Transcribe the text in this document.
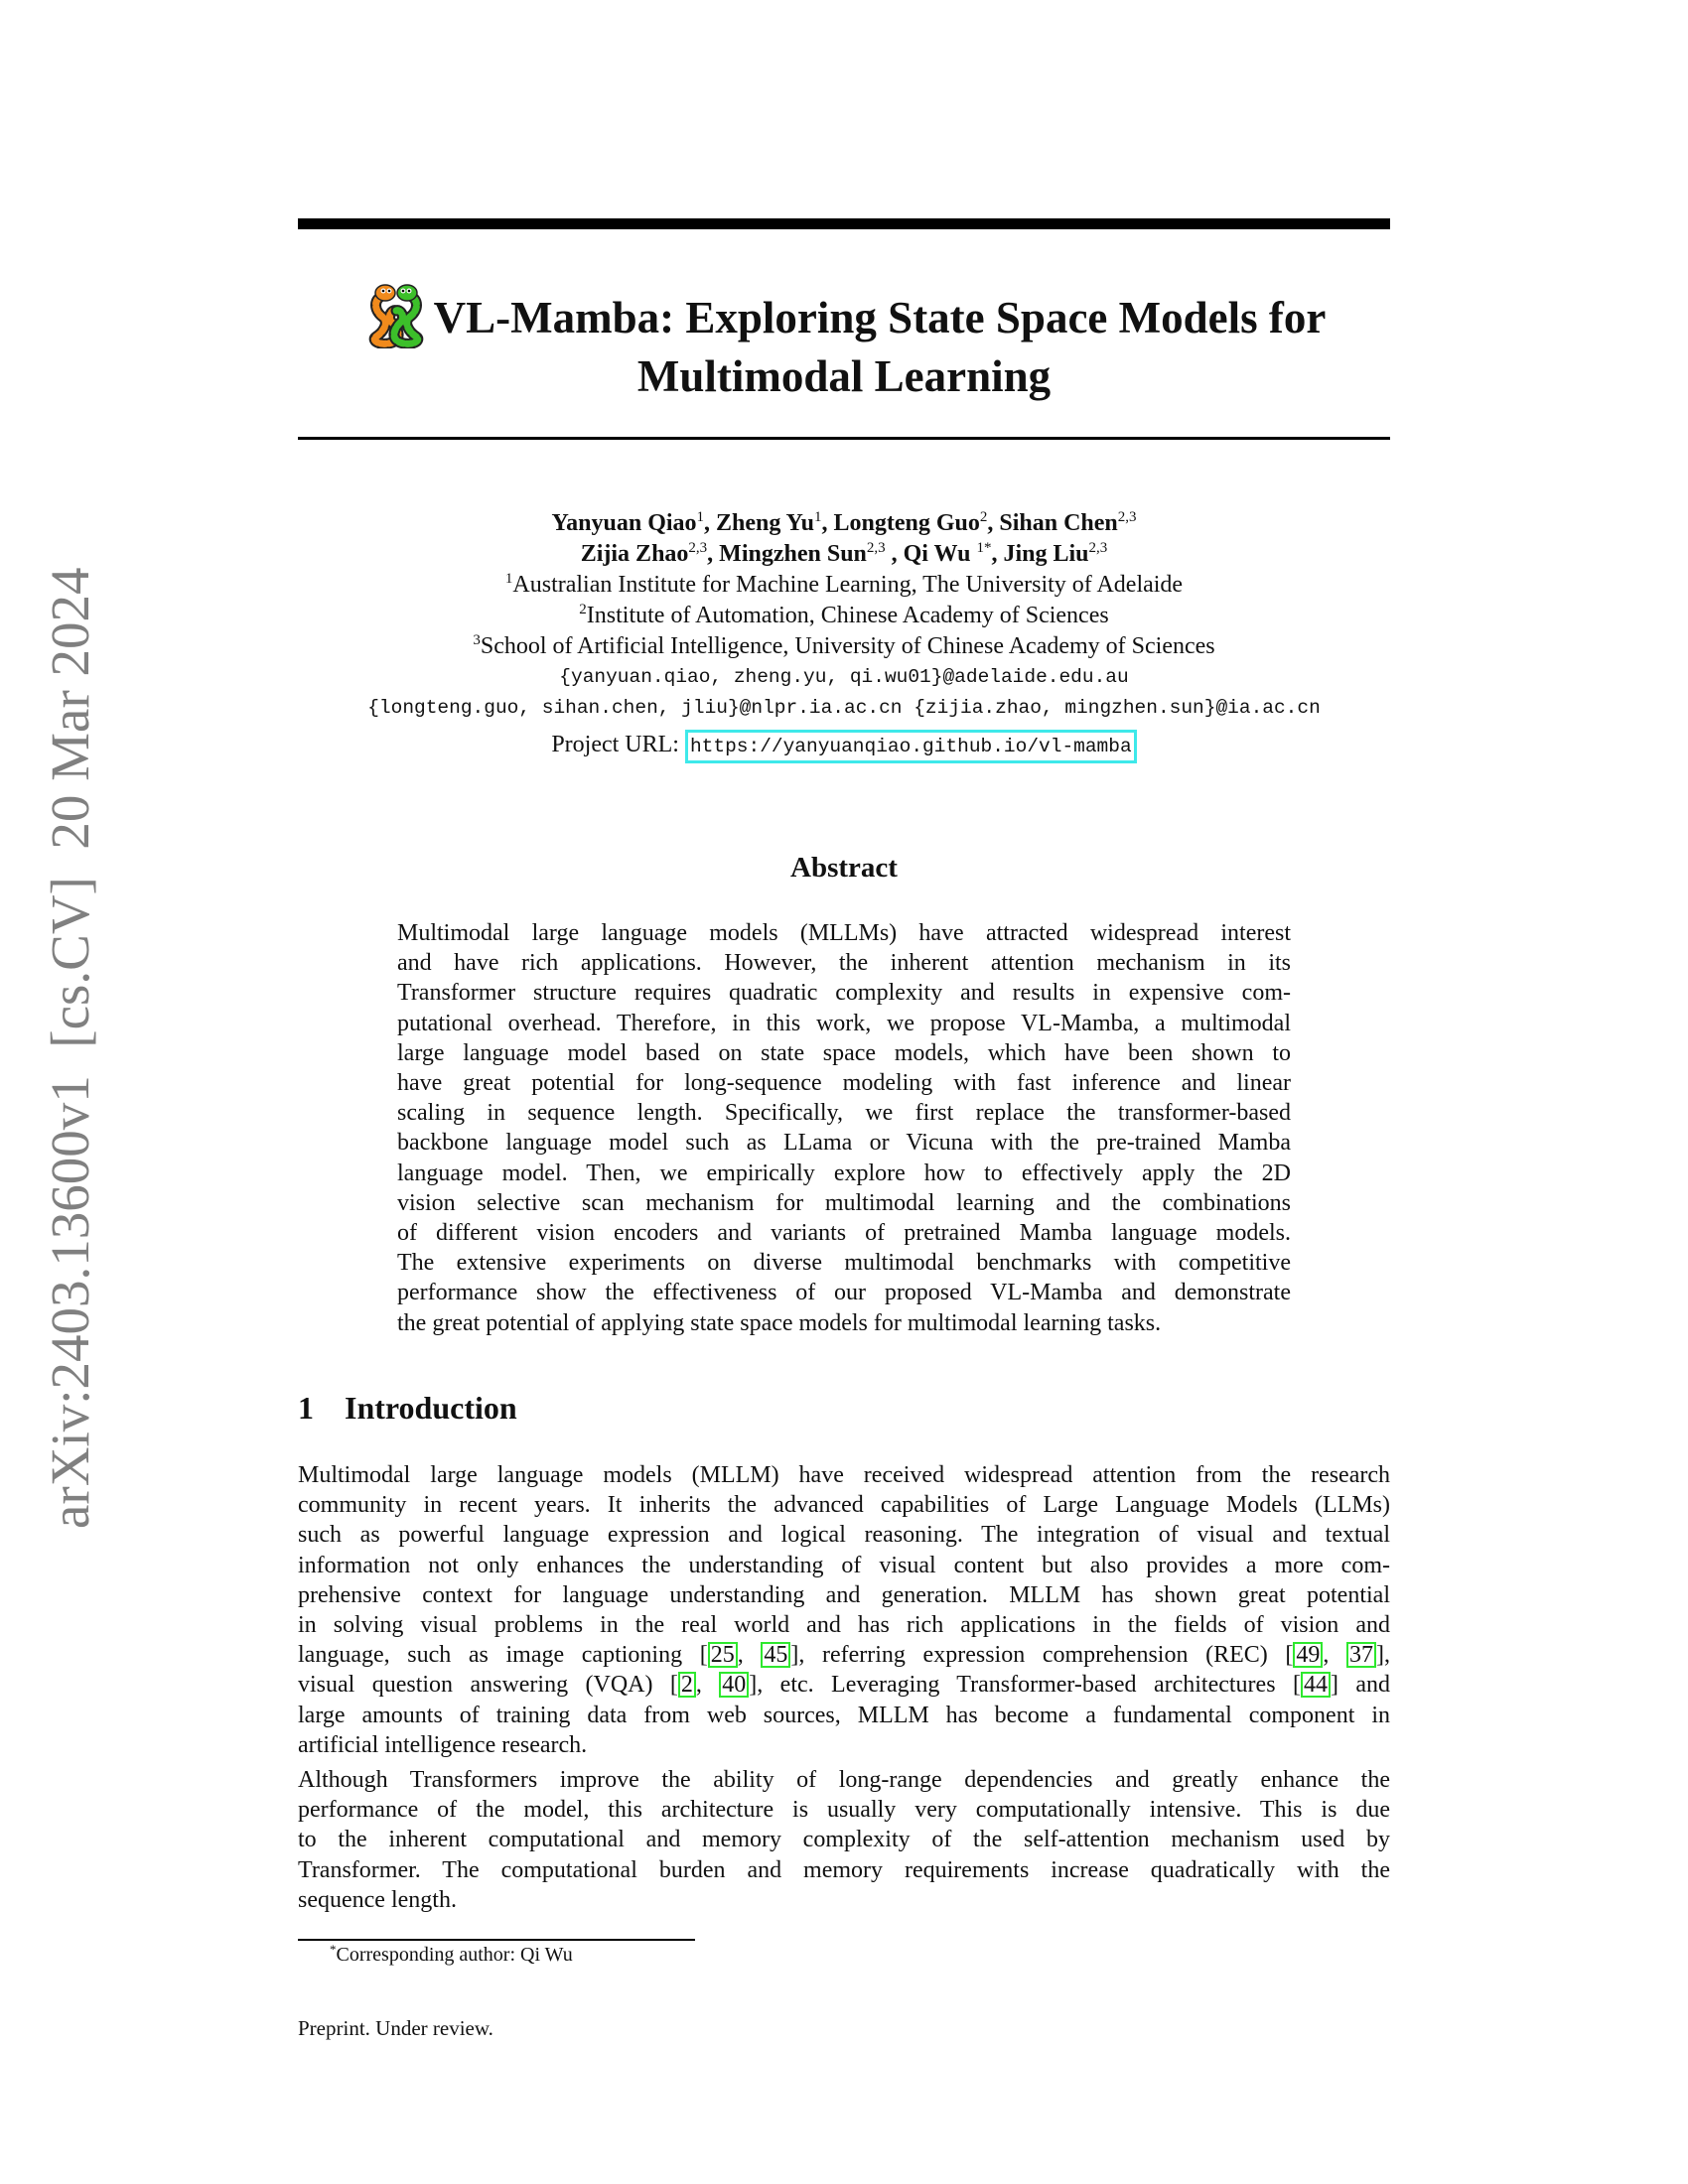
arXiv:2403.13600v1  [cs.CV]  20 Mar 2024
VL-Mamba: Exploring State Space Models for
Multimodal Learning
Yanyuan Qiao$^1$, Zheng Yu$^1$, Longteng Guo$^2$, Sihan Chen$^{2,3}$
Zijia Zhao$^{2,3}$, Mingzhen Sun$^{2,3}$ , Qi Wu $^{1*}$, Jing Liu$^{2,3}$
$^1$Australian Institute for Machine Learning, The University of Adelaide
$^2$Institute of Automation, Chinese Academy of Sciences
$^3$School of Artificial Intelligence, University of Chinese Academy of Sciences
{yanyuan.qiao, zheng.yu, qi.wu01}@adelaide.edu.au
{longteng.guo, sihan.chen, jliu}@nlpr.ia.ac.cn {zijia.zhao, mingzhen.sun}@ia.ac.cn
Project URL: https://yanyuanqiao.github.io/vl-mamba
Abstract
Multimodal large language models (MLLMs) have attracted widespread interest
and have rich applications. However, the inherent attention mechanism in its
Transformer structure requires quadratic complexity and results in expensive com-
putational overhead. Therefore, in this work, we propose VL-Mamba, a multimodal
large language model based on state space models, which have been shown to
have great potential for long-sequence modeling with fast inference and linear
scaling in sequence length. Specifically, we first replace the transformer-based
backbone language model such as LLama or Vicuna with the pre-trained Mamba
language model. Then, we empirically explore how to effectively apply the 2D
vision selective scan mechanism for multimodal learning and the combinations
of different vision encoders and variants of pretrained Mamba language models.
The extensive experiments on diverse multimodal benchmarks with competitive
performance show the effectiveness of our proposed VL-Mamba and demonstrate
the great potential of applying state space models for multimodal learning tasks.
1 Introduction
Multimodal large language models (MLLM) have received widespread attention from the research
community in recent years. It inherits the advanced capabilities of Large Language Models (LLMs)
such as powerful language expression and logical reasoning. The integration of visual and textual
information not only enhances the understanding of visual content but also provides a more com-
prehensive context for language understanding and generation. MLLM has shown great potential
in solving visual problems in the real world and has rich applications in the fields of vision and
language, such as image captioning [ 25 , 45 ], referring expression comprehension (REC) [ 49 , 37 ],
visual question answering (VQA) [ 2 , 40 ], etc. Leveraging Transformer-based architectures [ 44 ] and
large amounts of training data from web sources, MLLM has become a fundamental component in
artificial intelligence research.
Although Transformers improve the ability of long-range dependencies and greatly enhance the
performance of the model, this architecture is usually very computationally intensive. This is due
to the inherent computational and memory complexity of the self-attention mechanism used by
Transformer. The computational burden and memory requirements increase quadratically with the
sequence length.
*Corresponding author: Qi Wu
Preprint. Under review.
